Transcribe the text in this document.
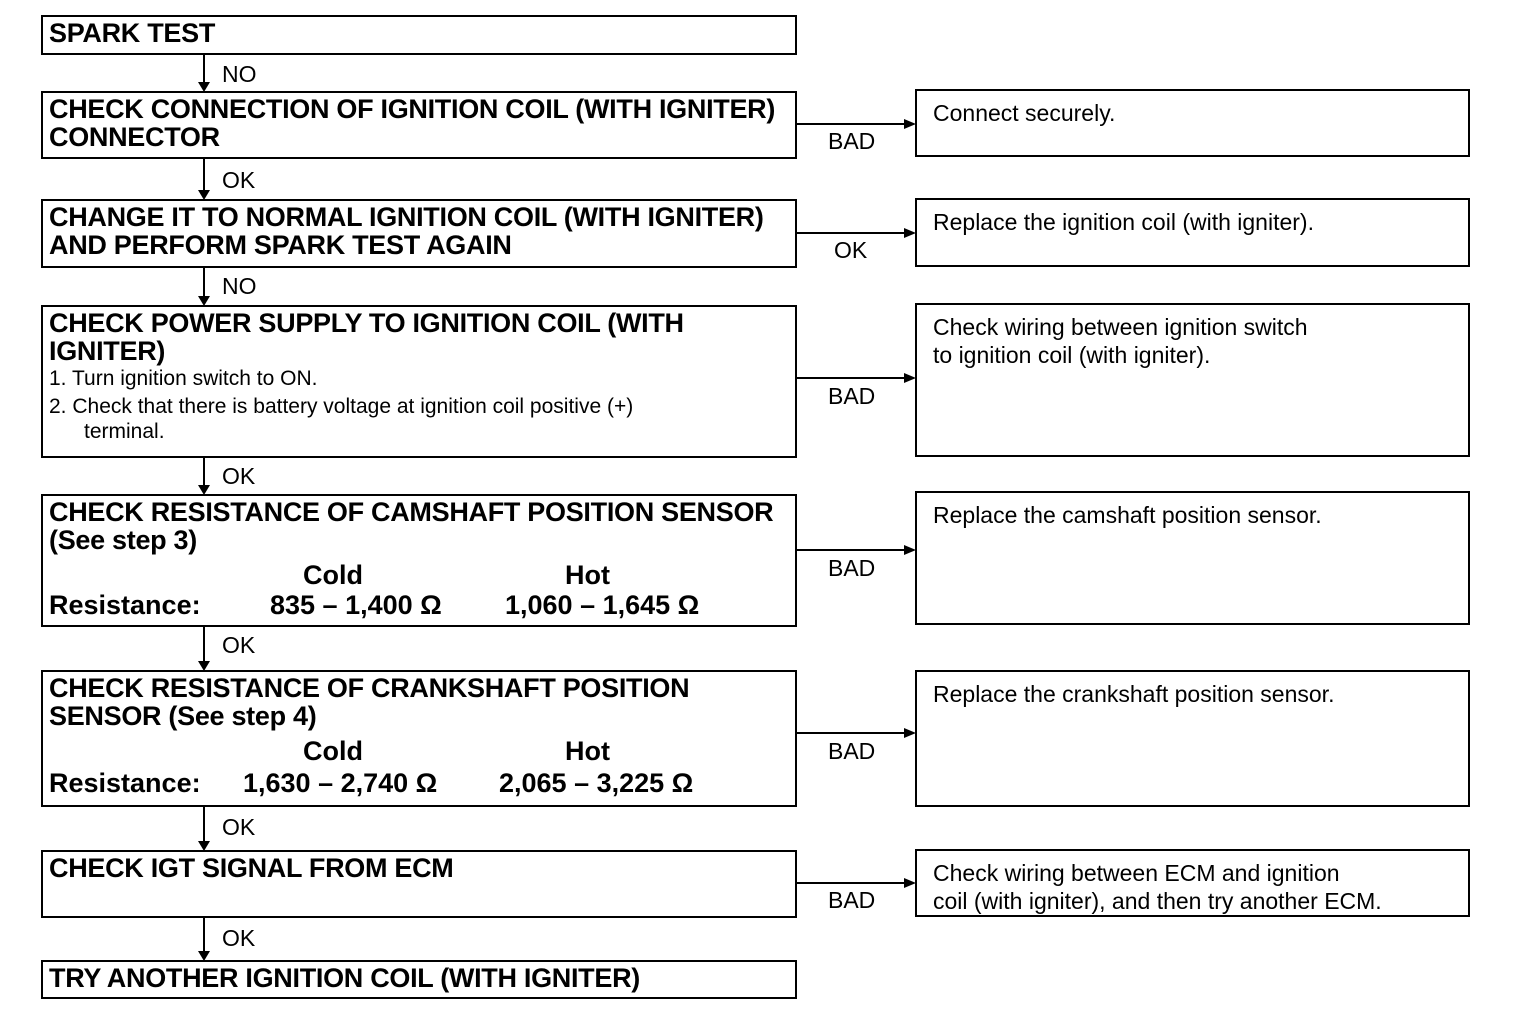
SPARK TEST
CHECK CONNECTION OF IGNITION COIL (WITH IGNITER) CONNECTOR
CHANGE IT TO NORMAL IGNITION COIL (WITH IGNITER) AND PERFORM SPARK TEST AGAIN
CHECK POWER SUPPLY TO IGNITION COIL (WITH IGNITER)
1. Turn ignition switch to ON.
2. Check that there is battery voltage at ignition coil positive (+)
terminal.
CHECK RESISTANCE OF CAMSHAFT POSITION SENSOR (See step 3)
Cold	Hot
Resistance:	835 – 1,400 Ω 1,060 – 1,645 Ω
CHECK RESISTANCE OF CRANKSHAFT POSITION SENSOR (See step 4)
Cold	Hot
Resistance: 1,630 – 2,740 Ω 2,065 – 3,225 Ω
CHECK IGT SIGNAL FROM ECM
TRY ANOTHER IGNITION COIL (WITH IGNITER)
Connect securely.
Replace the ignition coil (with igniter).
Check wiring between ignition switch
to ignition coil (with igniter).
Replace the camshaft position sensor.
Replace the crankshaft position sensor.
Check wiring between ECM and ignition
coil (with igniter), and then try another ECM.
NO
OK
NO
OK
OK
OK
OK
BAD
OK
BAD
BAD
BAD
BAD
